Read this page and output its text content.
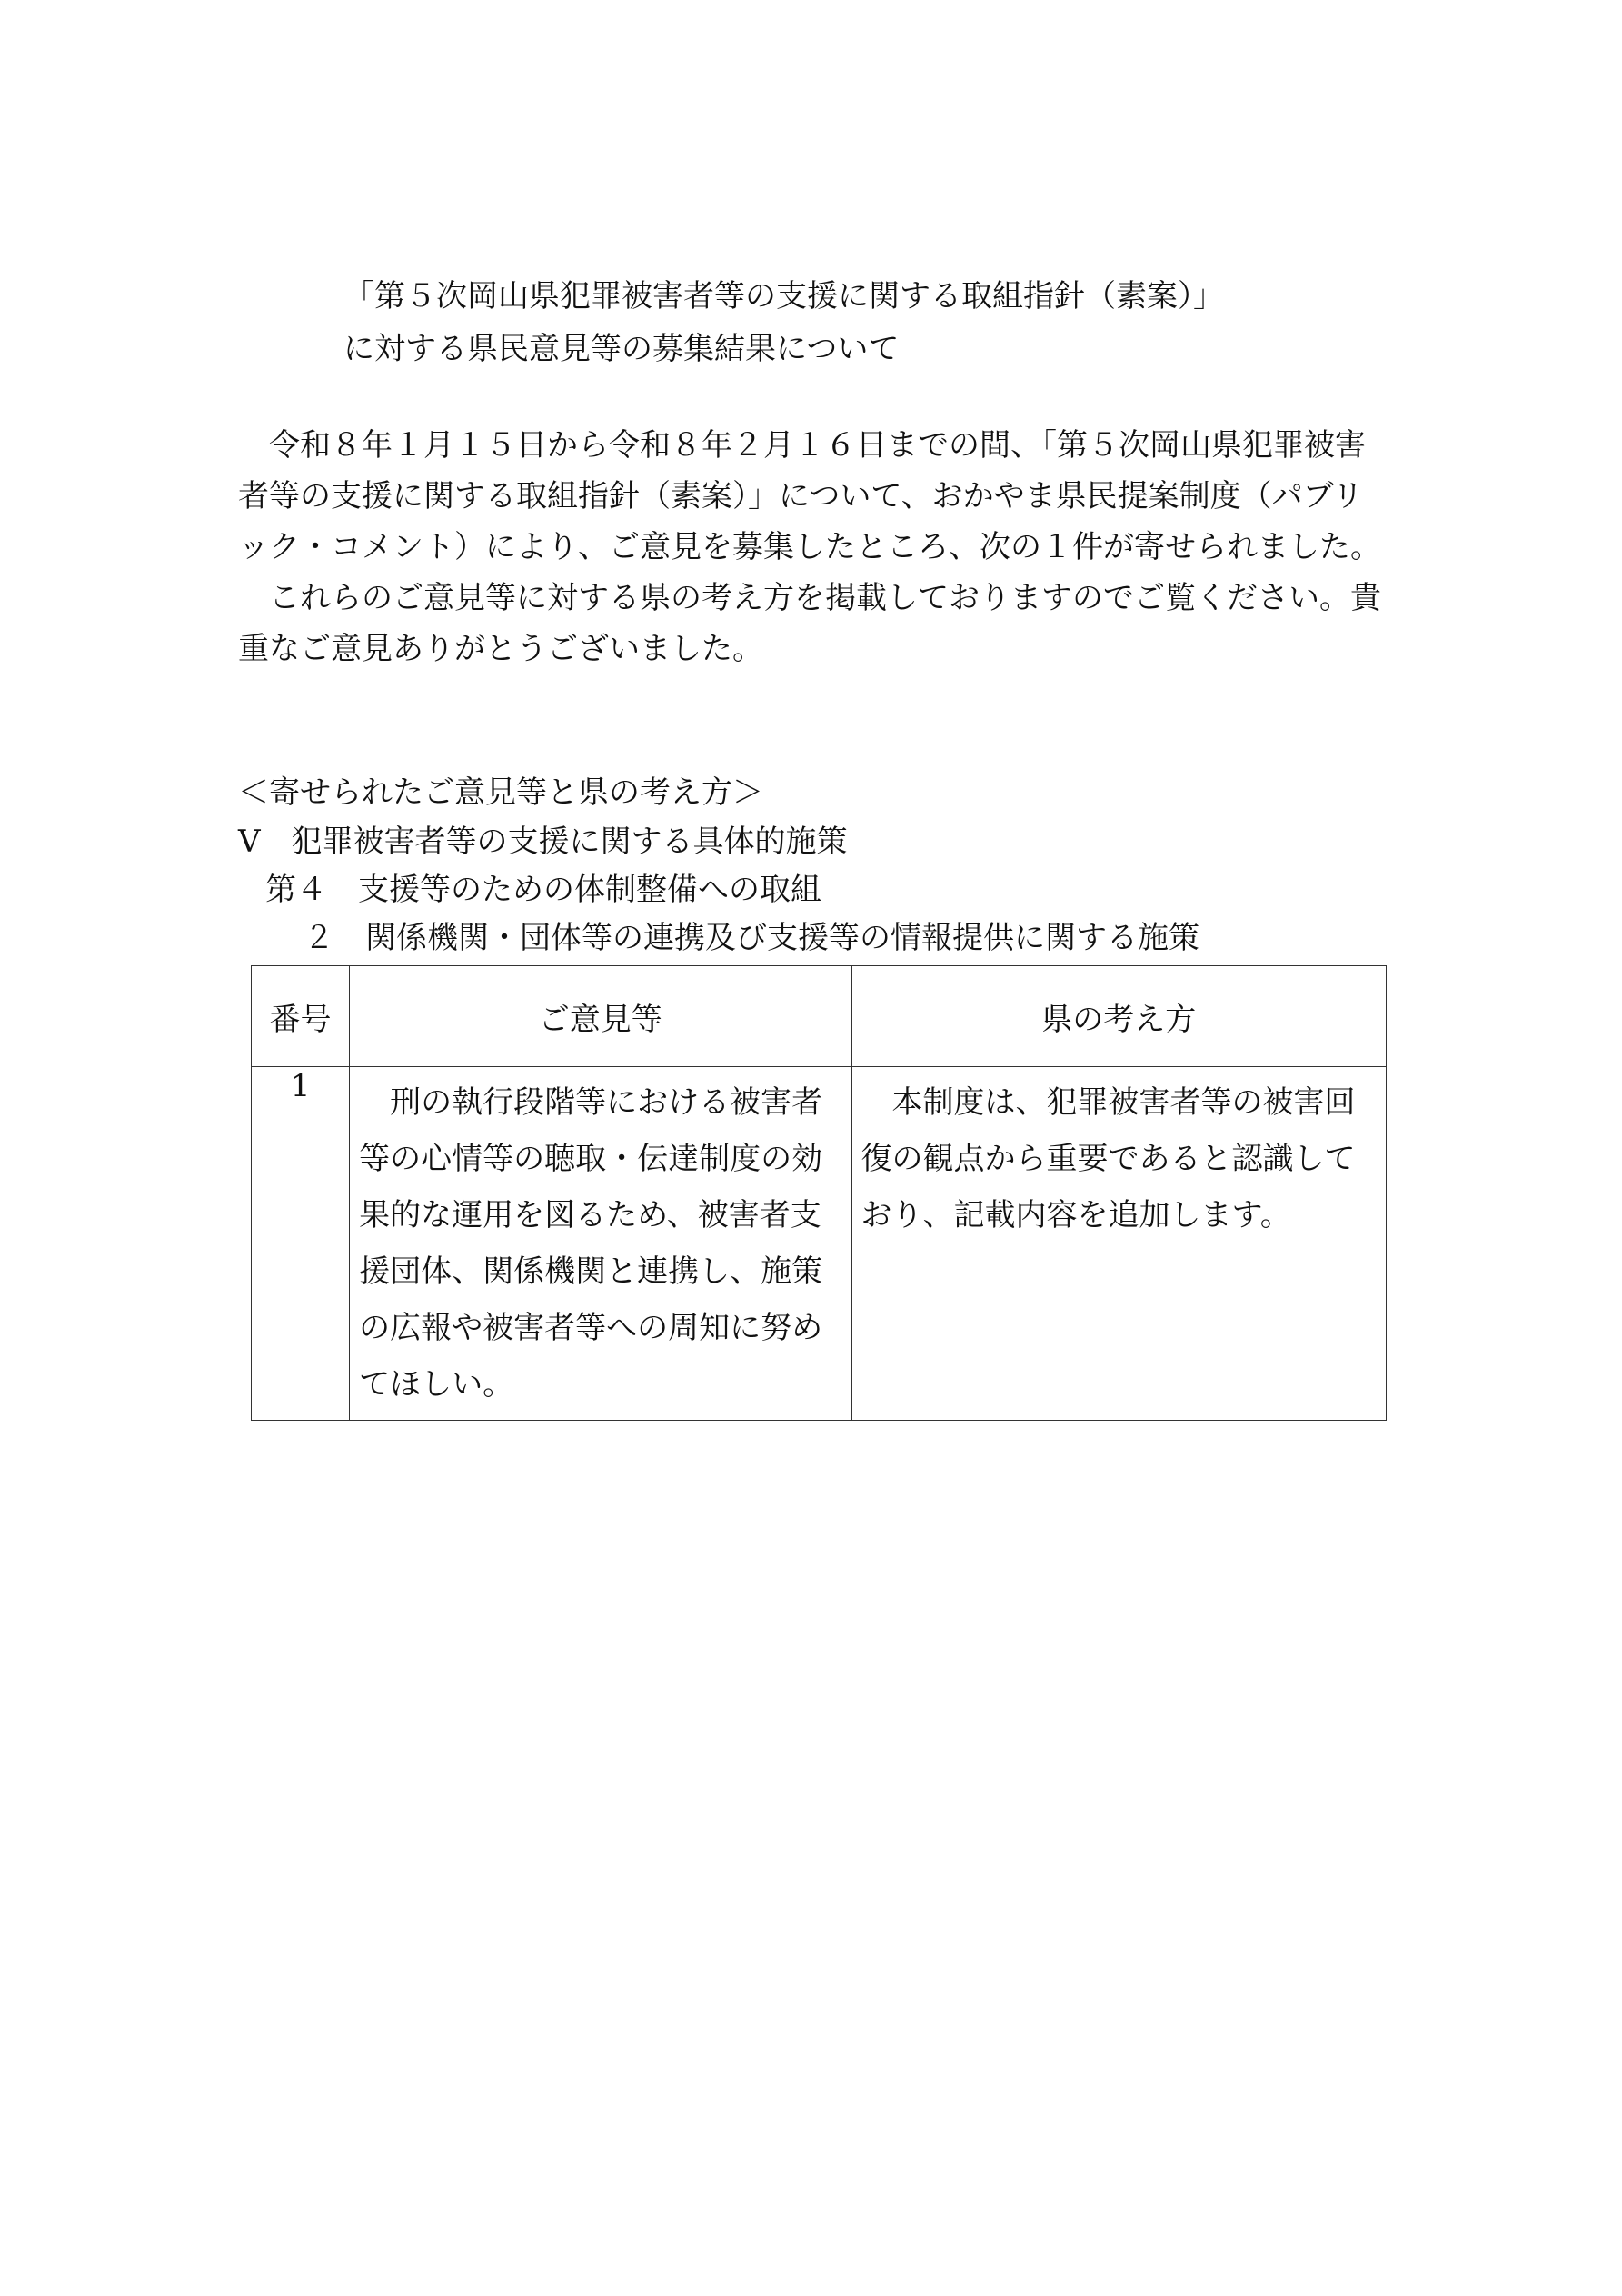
「第５次岡山県犯罪被害者等の支援に関する取組指針（素案）」
に対する県民意見等の募集結果について

令和８年１月１５日から令和８年２月１６日までの間、「第５次岡山県犯罪被害者等の支援に関する取組指針（素案）」について、おかやま県民提案制度（パブリック・コメント）により、ご意見を募集したところ、次の１件が寄せられました。

これらのご意見等に対する県の考え方を掲載しておりますのでご覧ください。貴重なご意見ありがとうございました。

＜寄せられたご意見等と県の考え方＞
Ⅴ　犯罪被害者等の支援に関する具体的施策
第４　支援等のための体制整備への取組
２　関係機関・団体等の連携及び支援等の情報提供に関する施策
番号	ご意見等	県の考え方
1	刑の執行段階等における被害者等の心情等の聴取・伝達制度の効果的な運用を図るため、被害者支援団体、関係機関と連携し、施策の広報や被害者等への周知に努めてほしい。	本制度は、犯罪被害者等の被害回復の観点から重要であると認識しており、記載内容を追加します。
